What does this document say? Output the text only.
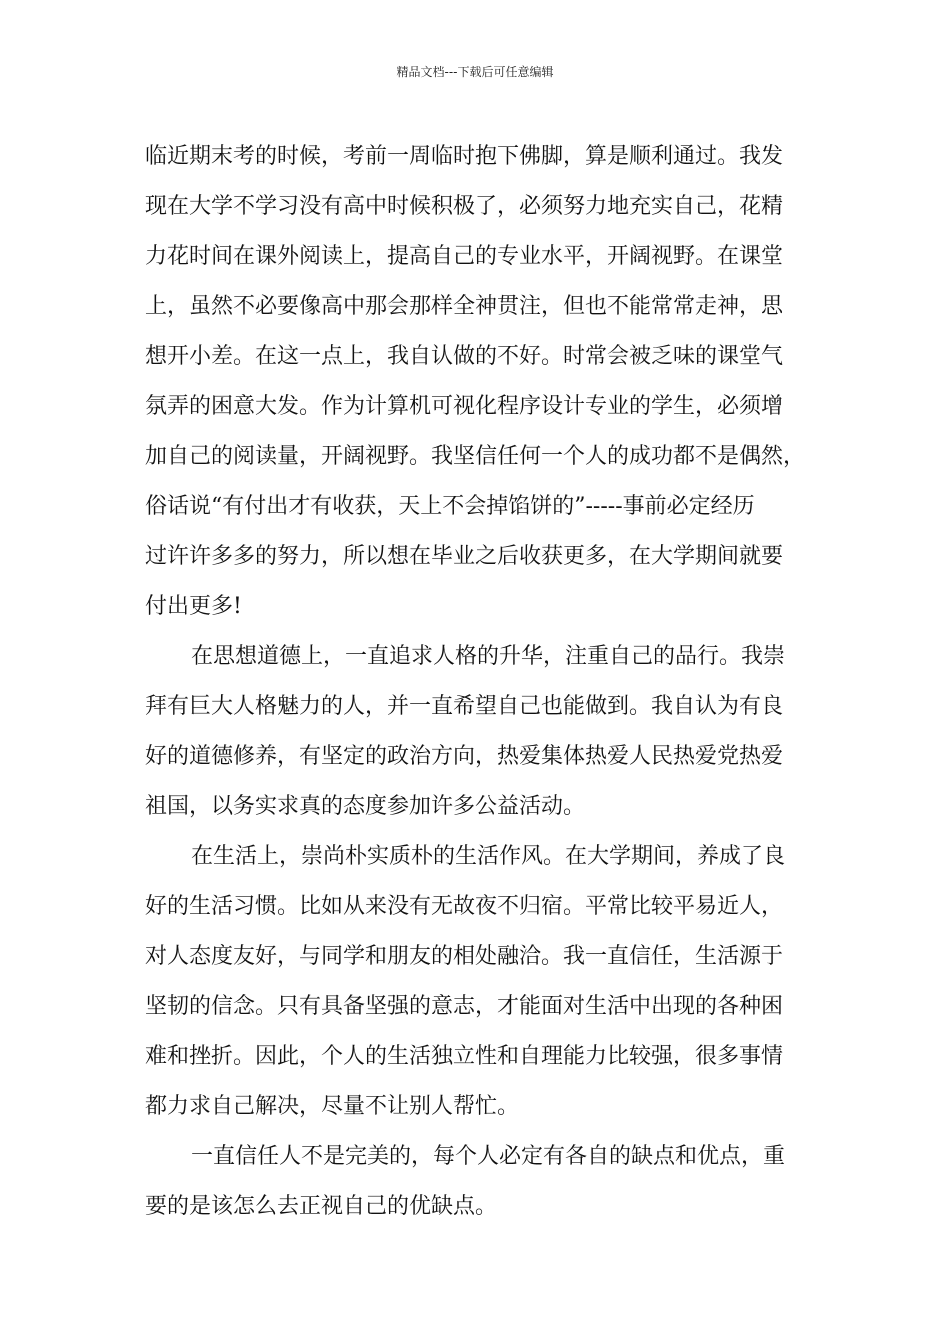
精品文档---下载后可任意编辑
临近期末考的时候，考前一周临时抱下佛脚，算是顺利通过。我发
现在大学不学习没有高中时候积极了，必须努力地充实自己，花精
力花时间在课外阅读上，提高自己的专业水平，开阔视野。在课堂
上，虽然不必要像高中那会那样全神贯注，但也不能常常走神，思
想开小差。在这一点上，我自认做的不好。时常会被乏味的课堂气
氛弄的困意大发。作为计算机可视化程序设计专业的学生，必须增
加自己的阅读量，开阔视野。我坚信任何一个人的成功都不是偶然，
俗话说“有付出才有收获，天上不会掉馅饼的”-----事前必定经历
过许许多多的努力，所以想在毕业之后收获更多，在大学期间就要
付出更多!
在思想道德上，一直追求人格的升华，注重自己的品行。我崇
拜有巨大人格魅力的人，并一直希望自己也能做到。我自认为有良
好的道德修养，有坚定的政治方向，热爱集体热爱人民热爱党热爱
祖国，以务实求真的态度参加许多公益活动。
在生活上，崇尚朴实质朴的生活作风。在大学期间，养成了良
好的生活习惯。比如从来没有无故夜不归宿。平常比较平易近人，
对人态度友好，与同学和朋友的相处融洽。我一直信任，生活源于
坚韧的信念。只有具备坚强的意志，才能面对生活中出现的各种困
难和挫折。因此，个人的生活独立性和自理能力比较强，很多事情
都力求自己解决，尽量不让别人帮忙。
一直信任人不是完美的，每个人必定有各自的缺点和优点，重
要的是该怎么去正视自己的优缺点。
